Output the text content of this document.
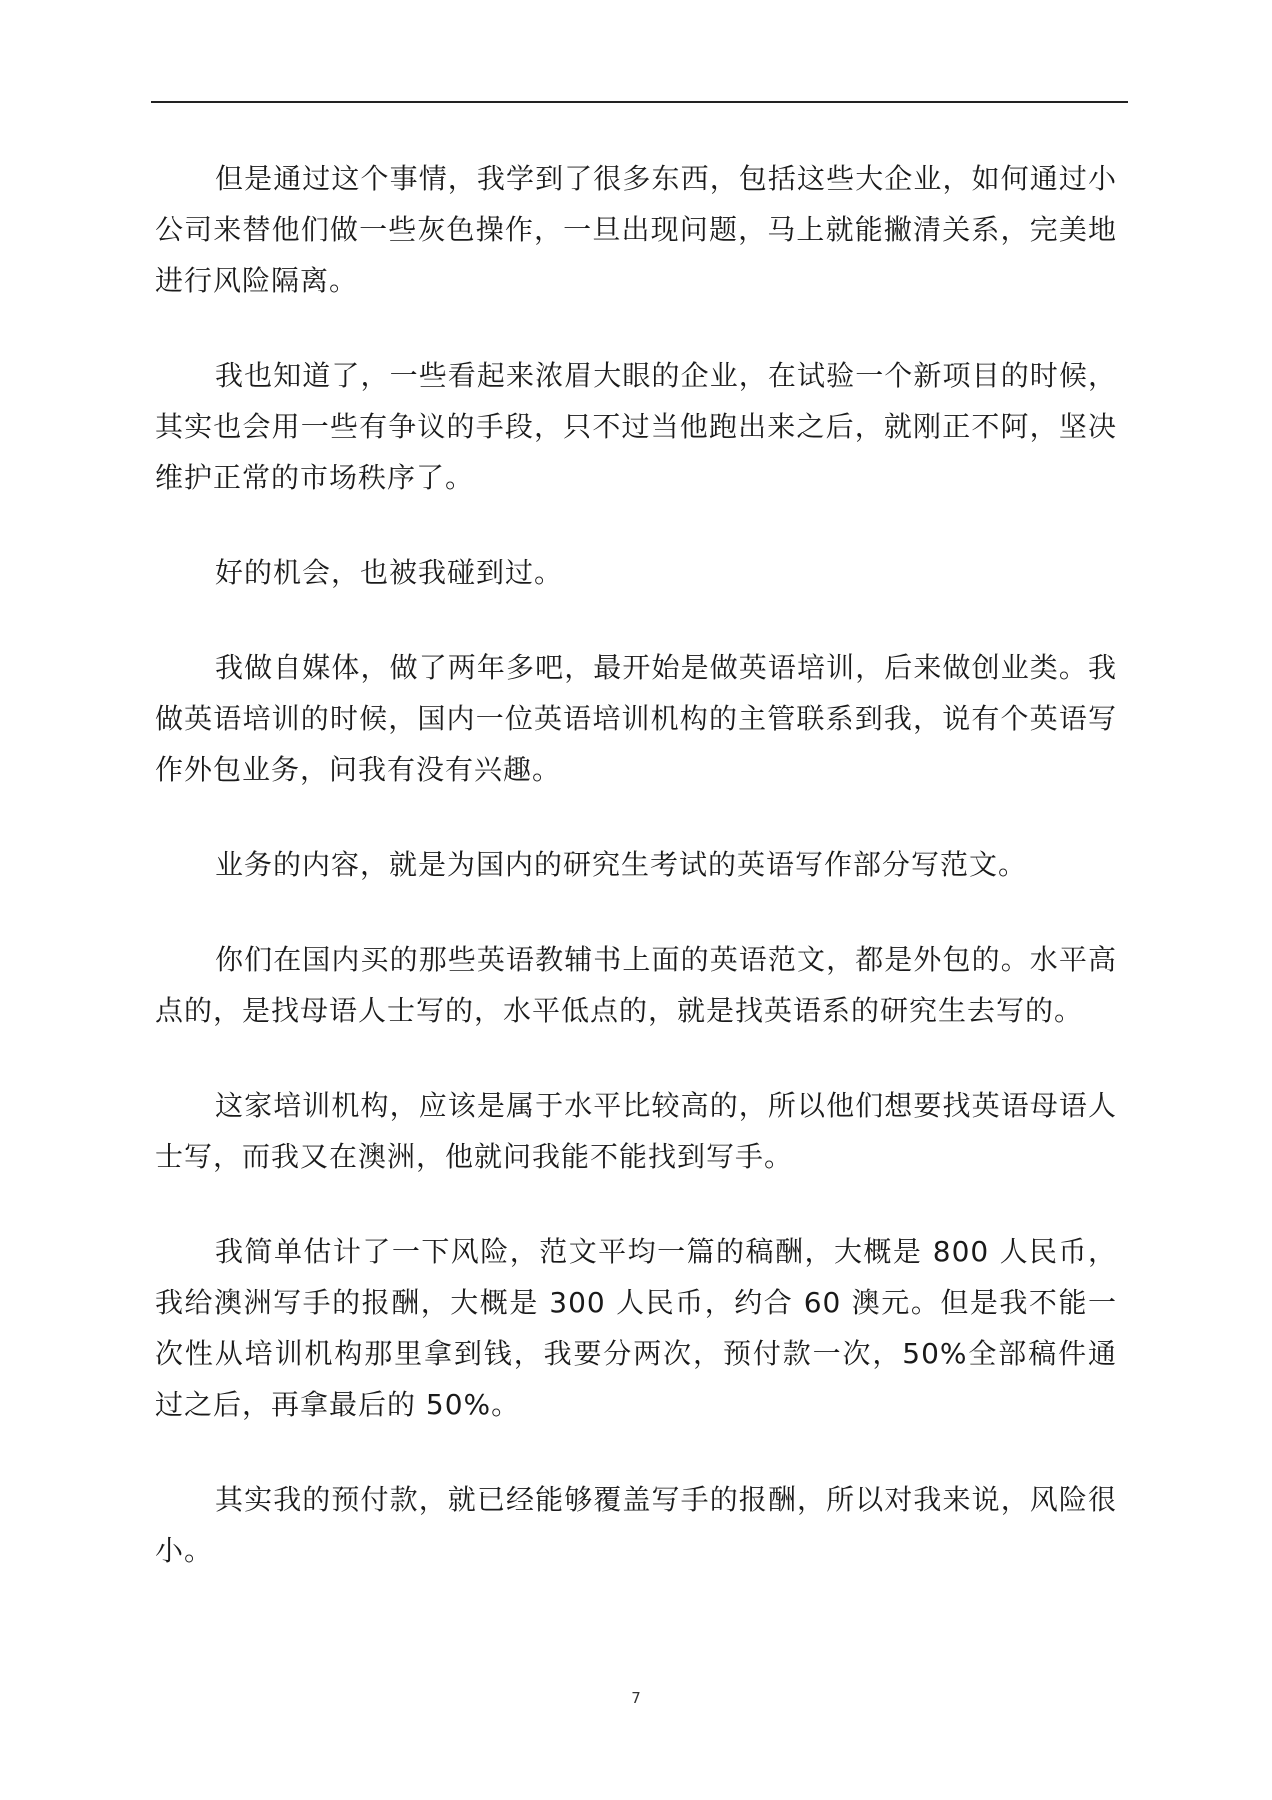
但是通过这个事情，我学到了很多东西，包括这些大企业，如何通过小公司来替他们做一些灰色操作，一旦出现问题，马上就能撇清关系，完美地进行风险隔离。

我也知道了，一些看起来浓眉大眼的企业，在试验一个新项目的时候，其实也会用一些有争议的手段，只不过当他跑出来之后，就刚正不阿，坚决维护正常的市场秩序了。

好的机会，也被我碰到过。

我做自媒体，做了两年多吧，最开始是做英语培训，后来做创业类。我做英语培训的时候，国内一位英语培训机构的主管联系到我，说有个英语写作外包业务，问我有没有兴趣。

业务的内容，就是为国内的研究生考试的英语写作部分写范文。

你们在国内买的那些英语教辅书上面的英语范文，都是外包的。水平高点的，是找母语人士写的，水平低点的，就是找英语系的研究生去写的。

这家培训机构，应该是属于水平比较高的，所以他们想要找英语母语人士写，而我又在澳洲，他就问我能不能找到写手。

我简单估计了一下风险，范文平均一篇的稿酬，大概是 800 人民币，我给澳洲写手的报酬，大概是 300 人民币，约合 60 澳元。但是我不能一次性从培训机构那里拿到钱，我要分两次，预付款一次，50%全部稿件通过之后，再拿最后的 50%。

其实我的预付款，就已经能够覆盖写手的报酬，所以对我来说，风险很小。

7
